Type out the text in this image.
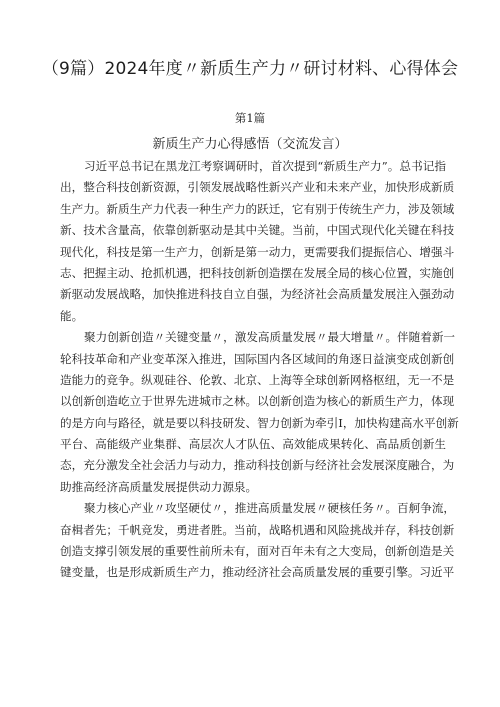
（9篇）2024年度〃新质生产力〃研讨材料、心得体会
第1篇
新质生产力心得感悟（交流发言）
习近平总书记在黑龙江考察调研时，首次提到“新质生产力”。总书记指
出，整合科技创新资源，引领发展战略性新兴产业和未来产业，加快形成新质
生产力。新质生产力代表一种生产力的跃迁，它有别于传统生产力，涉及领域
新、技术含量高，依靠创新驱动是其中关键。当前，中国式现代化关键在科技
现代化，科技是第一生产力，创新是第一动力，更需要我们提振信心、增强斗
志、把握主动、抢抓机遇，把科技创新创造摆在发展全局的核心位置，实施创
新驱动发展战略，加快推进科技自立自强，为经济社会高质量发展注入强劲动
能。
聚力创新创造〃关键变量〃，激发高质量发展〃最大增量〃。伴随着新一
轮科技革命和产业变革深入推进，国际国内各区域间的角逐日益演变成创新创
造能力的竞争。纵观硅谷、伦敦、北京、上海等全球创新网格枢纽，无一不是
以创新创造屹立于世界先进城市之林。以创新创造为核心的新质生产力，体现
的是方向与路径，就是要以科技研发、智力创新为牵引I，加快构建高水平创新
平台、高能级产业集群、高层次人才队伍、高效能成果转化、高品质创新生
态，充分激发全社会活力与动力，推动科技创新与经济社会发展深度融合，为
助推高经济高质量发展提供动力源泉。
聚力核心产业〃攻坚硬仗〃，推进高质量发展〃硬核任务〃。百舸争流，
奋楫者先；千帆竞发，勇进者胜。当前，战略机遇和风险挑战并存，科技创新
创造支撑引领发展的重要性前所未有，面对百年未有之大变局，创新创造是关
键变量，也是形成新质生产力，推动经济社会高质量发展的重要引擎。习近平
